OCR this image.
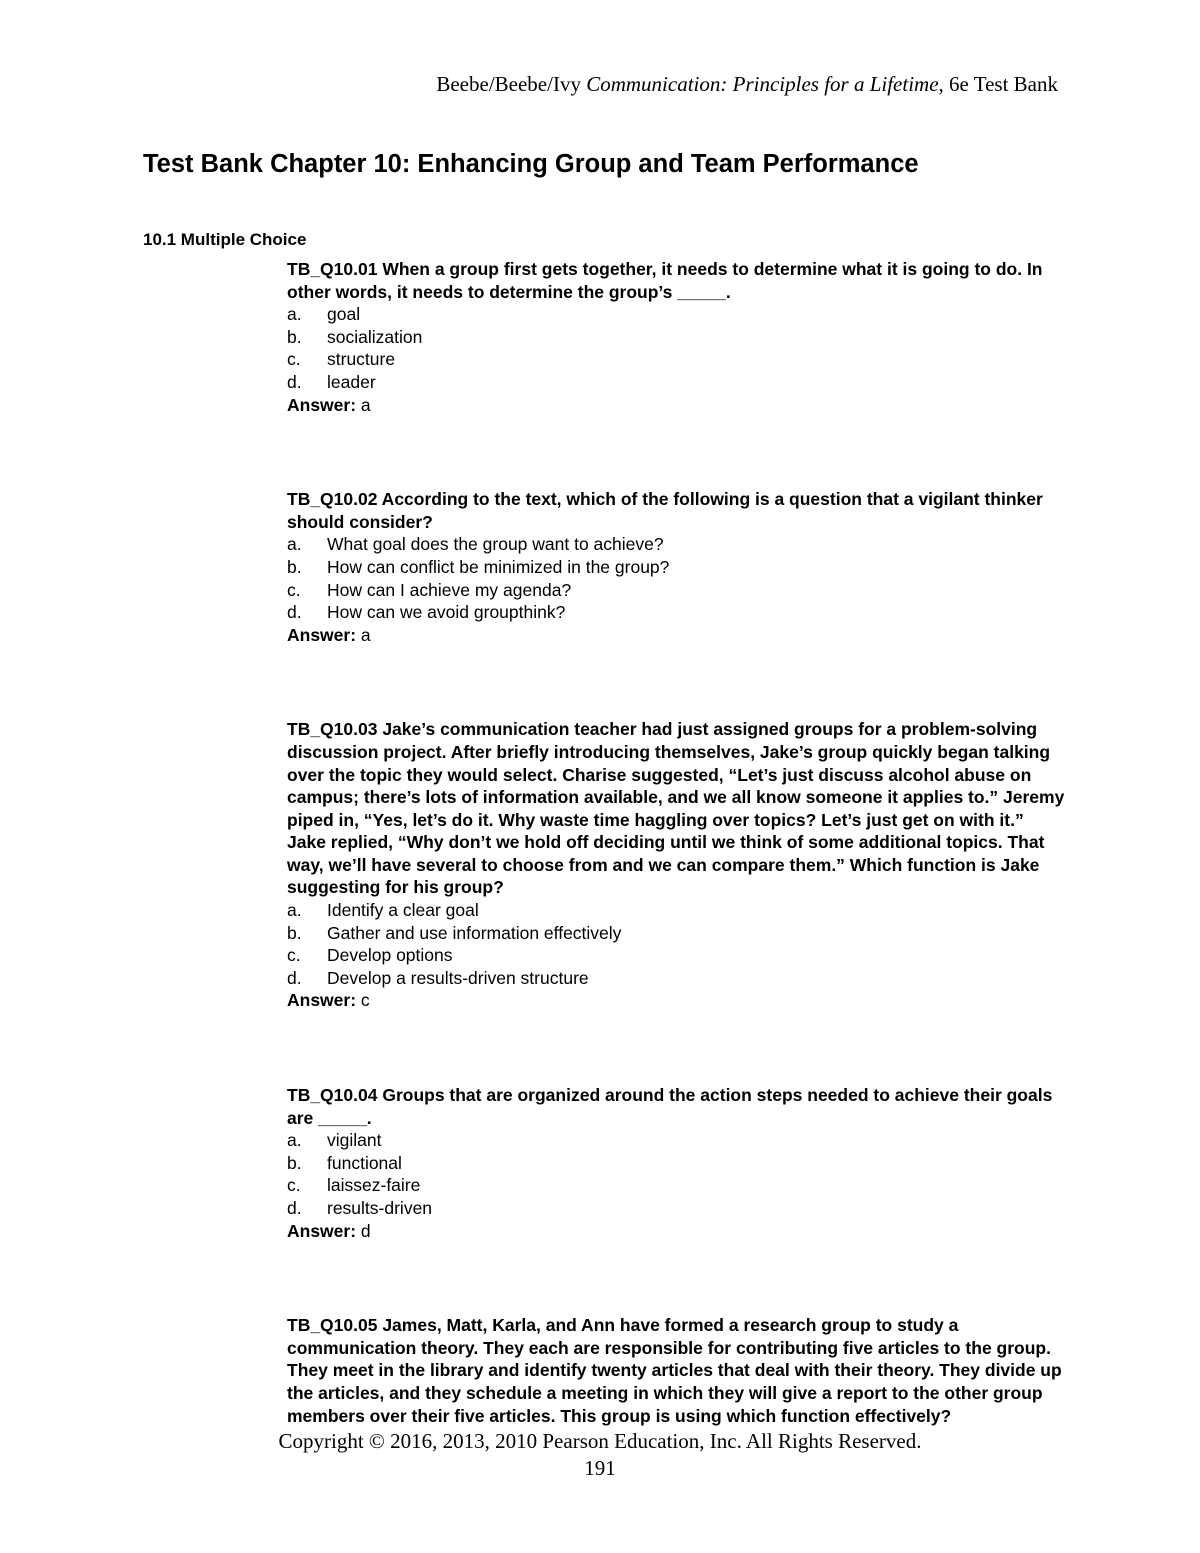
Beebe/Beebe/Ivy Communication: Principles for a Lifetime, 6e Test Bank
Test Bank Chapter 10: Enhancing Group and Team Performance
10.1 Multiple Choice

TB_Q10.01 When a group first gets together, it needs to determine what it is going to do. In other words, it needs to determine the group’s _____.

a.	goal

b.	socialization

c.	structure

d.	leader

Answer: a

TB_Q10.02 According to the text, which of the following is a question that a vigilant thinker should consider?

a.	What goal does the group want to achieve?

b.	How can conflict be minimized in the group?

c.	How can I achieve my agenda?

d.	How can we avoid groupthink?

Answer: a

TB_Q10.03 Jake’s communication teacher had just assigned groups for a problem-solving discussion project. After briefly introducing themselves, Jake’s group quickly began talking over the topic they would select. Charise suggested, “Let’s just discuss alcohol abuse on campus; there’s lots of information available, and we all know someone it applies to.” Jeremy piped in, “Yes, let’s do it. Why waste time haggling over topics? Let’s just get on with it.” Jake replied, “Why don’t we hold off deciding until we think of some additional topics. That way, we’ll have several to choose from and we can compare them.” Which function is Jake suggesting for his group?

a.	Identify a clear goal

b.	Gather and use information effectively

c.	Develop options

d.	Develop a results-driven structure

Answer: c

TB_Q10.04 Groups that are organized around the action steps needed to achieve their goals are _____.

a.	vigilant

b.	functional

c.	laissez-faire

d.	results-driven

Answer: d

TB_Q10.05 James, Matt, Karla, and Ann have formed a research group to study a communication theory. They each are responsible for contributing five articles to the group. They meet in the library and identify twenty articles that deal with their theory. They divide up the articles, and they schedule a meeting in which they will give a report to the other group members over their five articles. This group is using which function effectively?

Copyright © 2016, 2013, 2010 Pearson Education, Inc. All Rights Reserved.
191
